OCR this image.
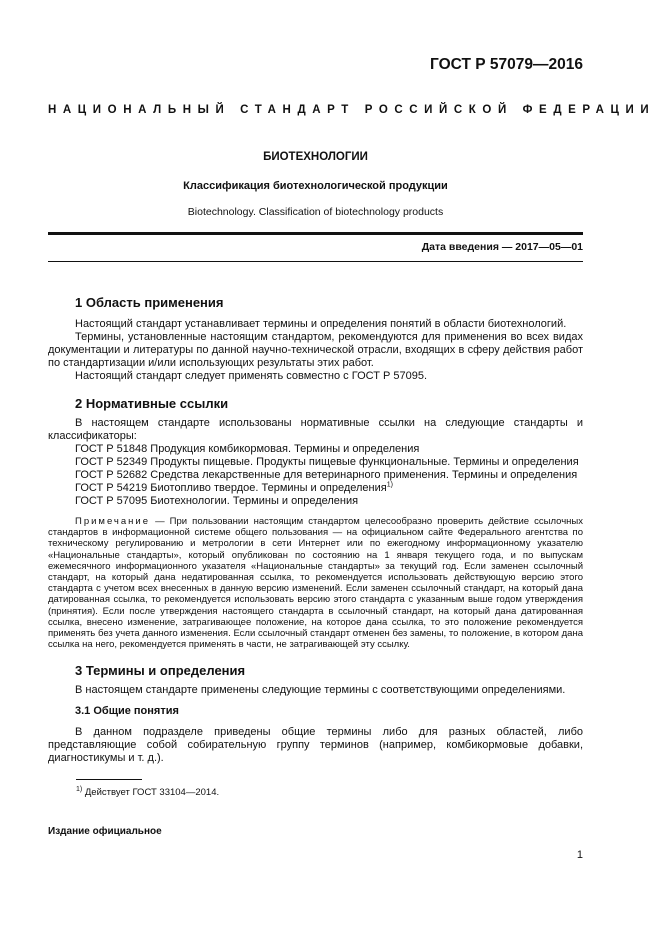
ГОСТ Р 57079—2016
НАЦИОНАЛЬНЫЙ СТАНДАРТ РОССИЙСКОЙ ФЕДЕРАЦИИ
БИОТЕХНОЛОГИИ
Классификация биотехнологической продукции
Biotechnology. Classification of biotechnology products
Дата введения — 2017—05—01

1 Область применения

Настоящий стандарт устанавливает термины и определения понятий в области биотехнологий.

Термины, установленные настоящим стандартом, рекомендуются для применения во всех видах документации и литературы по данной научно-технической отрасли, входящих в сферу действия работ по стандартизации и/или использующих результаты этих работ.

Настоящий стандарт следует применять совместно с ГОСТ Р 57095.

2 Нормативные ссылки

В настоящем стандарте использованы нормативные ссылки на следующие стандарты и классификаторы:

ГОСТ Р 51848 Продукция комбикормовая. Термины и определения

ГОСТ Р 52349 Продукты пищевые. Продукты пищевые функциональные. Термины и определения

ГОСТ Р 52682 Средства лекарственные для ветеринарного применения. Термины и определения

ГОСТ Р 54219 Биотопливо твердое. Термины и определения$^{1)}$

ГОСТ Р 57095 Биотехнологии. Термины и определения

Примечание — При пользовании настоящим стандартом целесообразно проверить действие ссылочных стандартов в информационной системе общего пользования — на официальном сайте Федерального агентства по техническому регулированию и метрологии в сети Интернет или по ежегодному информационному указателю «Национальные стандарты», который опубликован по состоянию на 1 января текущего года, и по выпускам ежемесячного информационного указателя «Национальные стандарты» за текущий год. Если заменен ссылочный стандарт, на который дана недатированная ссылка, то рекомендуется использовать действующую версию этого стандарта с учетом всех внесенных в данную версию изменений. Если заменен ссылочный стандарт, на который дана датированная ссылка, то рекомендуется использовать версию этого стандарта с указанным выше годом утверждения (принятия). Если после утверждения настоящего стандарта в ссылочный стандарт, на который дана датированная ссылка, внесено изменение, затрагивающее положение, на которое дана ссылка, то это положение рекомендуется применять без учета данного изменения. Если ссылочный стандарт отменен без замены, то положение, в котором дана ссылка на него, рекомендуется применять в части, не затрагивающей эту ссылку.

3 Термины и определения

В настоящем стандарте применены следующие термины с соответствующими определениями.

3.1 Общие понятия

В данном подразделе приведены общие термины либо для разных областей, либо представляющие собой собирательную группу терминов (например, комбикормовые добавки, диагностикумы и т. д.).

$^{1)}$ Действует ГОСТ 33104—2014.
Издание официальное
1
